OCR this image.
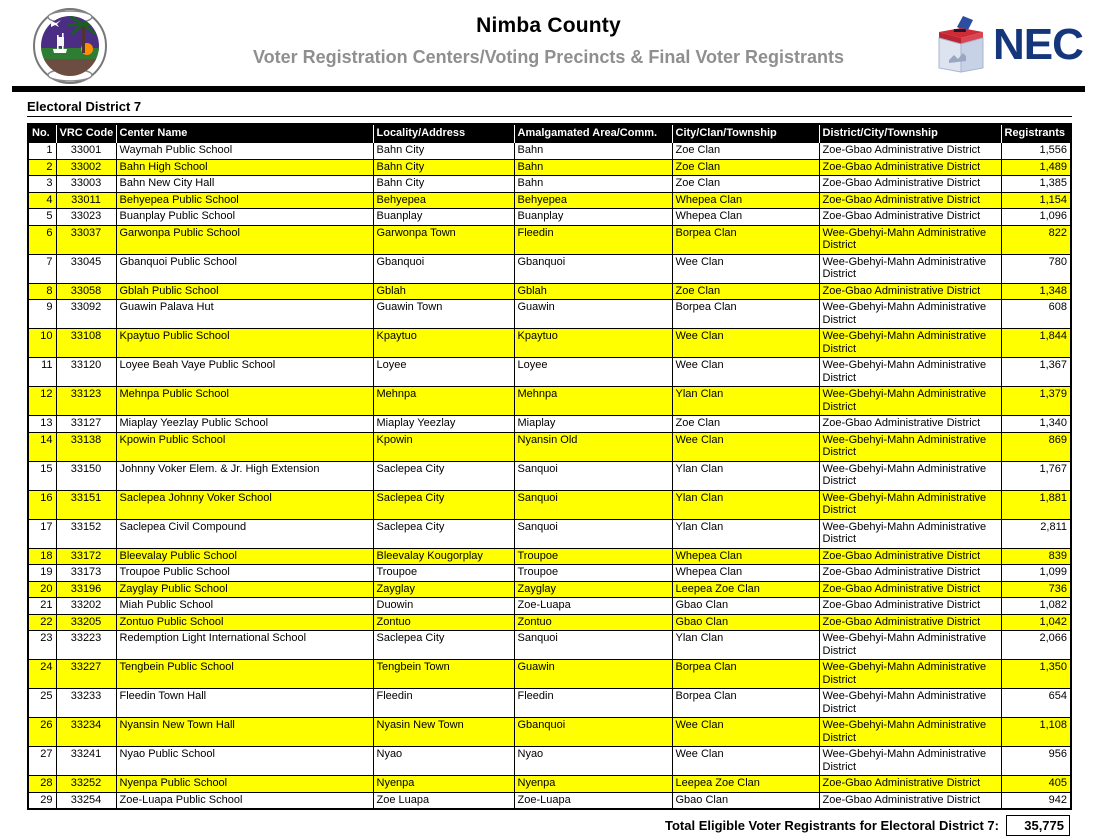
Nimba County
Voter Registration Centers/Voting Precincts & Final Voter Registrants	NEC
Electoral District 7
No.	VRC Code	Center Name	Locality/Address	Amalgamated Area/Comm.	City/Clan/Township	District/City/Township	Registrants
1	33001	Waymah Public School	Bahn City	Bahn	Zoe Clan	Zoe-Gbao Administrative District	1,556
2	33002	Bahn High School	Bahn City	Bahn	Zoe Clan	Zoe-Gbao Administrative District	1,489
3	33003	Bahn New City Hall	Bahn City	Bahn	Zoe Clan	Zoe-Gbao Administrative District	1,385
4	33011	Behyepea Public School	Behyepea	Behyepea	Whepea Clan	Zoe-Gbao Administrative District	1,154
5	33023	Buanplay Public School	Buanplay	Buanplay	Whepea Clan	Zoe-Gbao Administrative District	1,096
6	33037	Garwonpa Public School	Garwonpa Town	Fleedin	Borpea Clan	Wee-Gbehyi-Mahn Administrative District	822
7	33045	Gbanquoi Public School	Gbanquoi	Gbanquoi	Wee Clan	Wee-Gbehyi-Mahn Administrative District	780
8	33058	Gblah Public School	Gblah	Gblah	Zoe Clan	Zoe-Gbao Administrative District	1,348
9	33092	Guawin Palava Hut	Guawin Town	Guawin	Borpea Clan	Wee-Gbehyi-Mahn Administrative District	608
10	33108	Kpaytuo Public School	Kpaytuo	Kpaytuo	Wee Clan	Wee-Gbehyi-Mahn Administrative District	1,844
11	33120	Loyee Beah Vaye Public School	Loyee	Loyee	Wee Clan	Wee-Gbehyi-Mahn Administrative District	1,367
12	33123	Mehnpa Public School	Mehnpa	Mehnpa	Ylan Clan	Wee-Gbehyi-Mahn Administrative District	1,379
13	33127	Miaplay Yeezlay Public School	Miaplay Yeezlay	Miaplay	Zoe Clan	Zoe-Gbao Administrative District	1,340
14	33138	Kpowin Public School	Kpowin	Nyansin Old	Wee Clan	Wee-Gbehyi-Mahn Administrative District	869
15	33150	Johnny Voker Elem. & Jr. High Extension	Saclepea City	Sanquoi	Ylan Clan	Wee-Gbehyi-Mahn Administrative District	1,767
16	33151	Saclepea Johnny Voker School	Saclepea City	Sanquoi	Ylan Clan	Wee-Gbehyi-Mahn Administrative District	1,881
17	33152	Saclepea Civil Compound	Saclepea City	Sanquoi	Ylan Clan	Wee-Gbehyi-Mahn Administrative District	2,811
18	33172	Bleevalay Public School	Bleevalay Kougorplay	Troupoe	Whepea Clan	Zoe-Gbao Administrative District	839
19	33173	Troupoe Public School	Troupoe	Troupoe	Whepea Clan	Zoe-Gbao Administrative District	1,099
20	33196	Zayglay Public School	Zayglay	Zayglay	Leepea Zoe Clan	Zoe-Gbao Administrative District	736
21	33202	Miah Public School	Duowin	Zoe-Luapa	Gbao Clan	Zoe-Gbao Administrative District	1,082
22	33205	Zontuo Public School	Zontuo	Zontuo	Gbao Clan	Zoe-Gbao Administrative District	1,042
23	33223	Redemption Light International School	Saclepea City	Sanquoi	Ylan Clan	Wee-Gbehyi-Mahn Administrative District	2,066
24	33227	Tengbein Public School	Tengbein Town	Guawin	Borpea Clan	Wee-Gbehyi-Mahn Administrative District	1,350
25	33233	Fleedin Town Hall	Fleedin	Fleedin	Borpea Clan	Wee-Gbehyi-Mahn Administrative District	654
26	33234	Nyansin New Town Hall	Nyasin New Town	Gbanquoi	Wee Clan	Wee-Gbehyi-Mahn Administrative District	1,108
27	33241	Nyao Public School	Nyao	Nyao	Wee Clan	Wee-Gbehyi-Mahn Administrative District	956
28	33252	Nyenpa Public School	Nyenpa	Nyenpa	Leepea Zoe Clan	Zoe-Gbao Administrative District	405
29	33254	Zoe-Luapa Public School	Zoe Luapa	Zoe-Luapa	Gbao Clan	Zoe-Gbao Administrative District	942
Total Eligible Voter Registrants for Electoral District 7:	35,775
